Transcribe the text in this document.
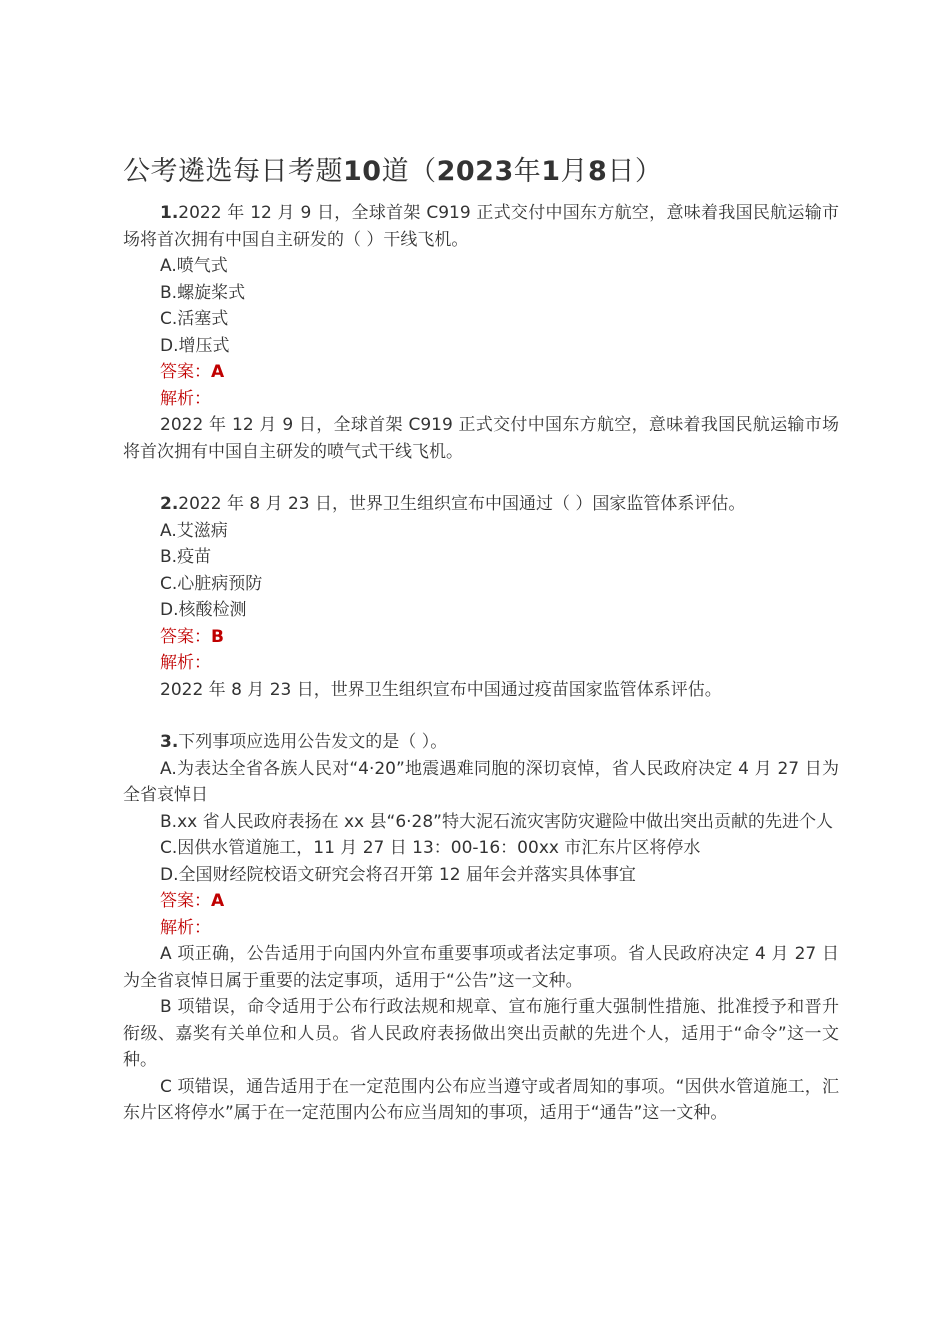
公考遴选每日考题10道（2023年1月8日）

1.2022 年 12 月 9 日，全球首架 C919 正式交付中国东方航空，意味着我国民航运输市场将首次拥有中国自主研发的（ ）干线飞机。

A.喷气式

B.螺旋桨式

C.活塞式

D.增压式

答案：A

解析：

2022 年 12 月 9 日，全球首架 C919 正式交付中国东方航空，意味着我国民航运输市场将首次拥有中国自主研发的喷气式干线飞机。

2.2022 年 8 月 23 日，世界卫生组织宣布中国通过（ ）国家监管体系评估。

A.艾滋病

B.疫苗

C.心脏病预防

D.核酸检测

答案：B

解析：

2022 年 8 月 23 日，世界卫生组织宣布中国通过疫苗国家监管体系评估。

3.下列事项应选用公告发文的是（ ）。

A.为表达全省各族人民对“4·20”地震遇难同胞的深切哀悼，省人民政府决定 4 月 27 日为全省哀悼日

B.xx 省人民政府表扬在 xx 县“6·28”特大泥石流灾害防灾避险中做出突出贡献的先进个人

C.因供水管道施工，11 月 27 日 13：00-16：00xx 市汇东片区将停水

D.全国财经院校语文研究会将召开第 12 届年会并落实具体事宜

答案：A

解析：

A 项正确，公告适用于向国内外宣布重要事项或者法定事项。省人民政府决定 4 月 27 日为全省哀悼日属于重要的法定事项，适用于“公告”这一文种。

B 项错误，命令适用于公布行政法规和规章、宣布施行重大强制性措施、批准授予和晋升衔级、嘉奖有关单位和人员。省人民政府表扬做出突出贡献的先进个人，适用于“命令”这一文种。

C 项错误，通告适用于在一定范围内公布应当遵守或者周知的事项。“因供水管道施工，汇东片区将停水”属于在一定范围内公布应当周知的事项，适用于“通告”这一文种。
